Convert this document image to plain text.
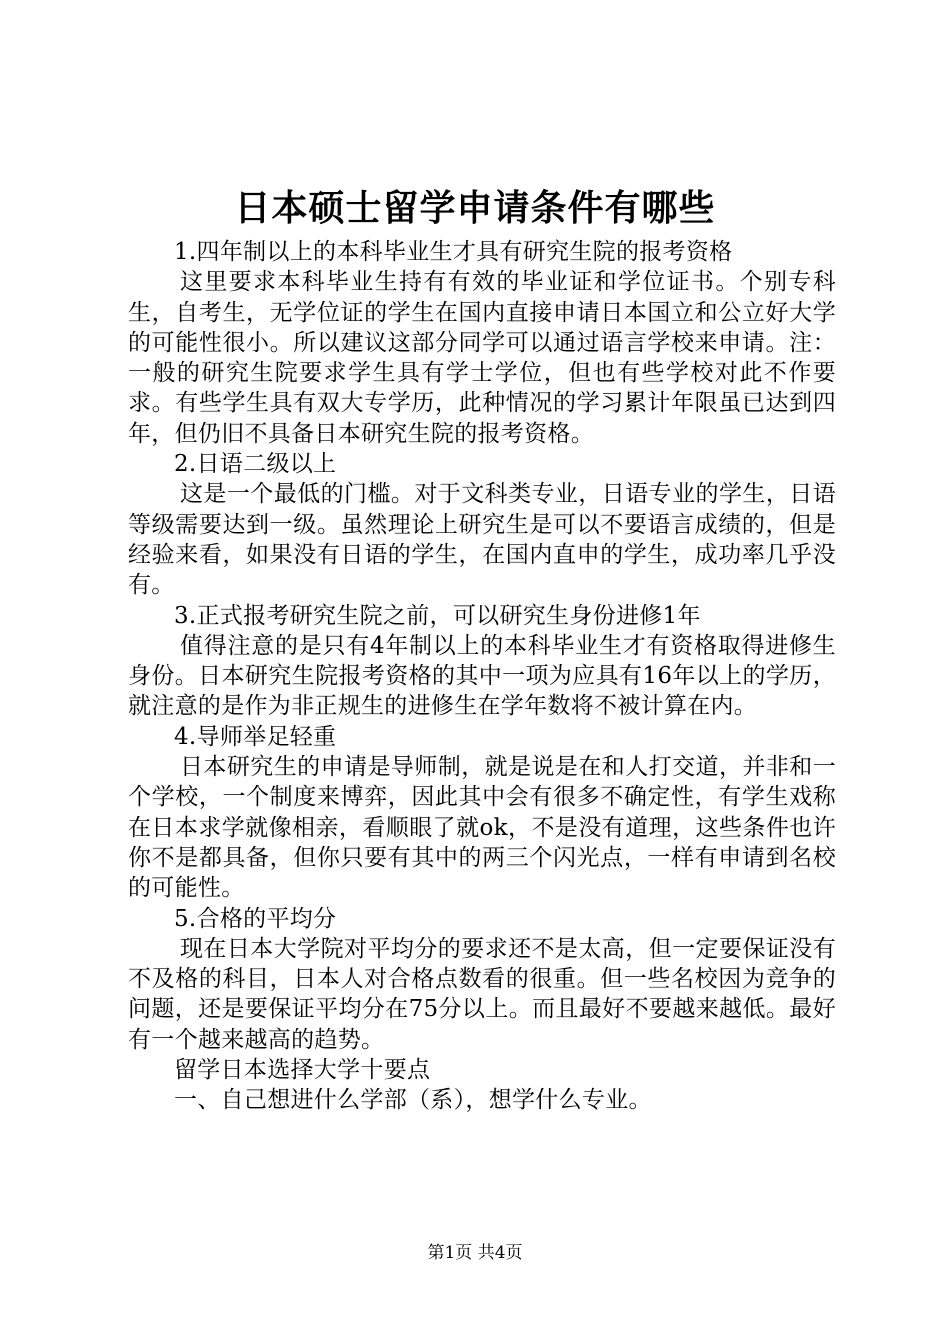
日本硕士留学申请条件有哪些

1.四年制以上的本科毕业生才具有研究生院的报考资格

这里要求本科毕业生持有有效的毕业证和学位证书。个别专科生，自考生，无学位证的学生在国内直接申请日本国立和公立好大学的可能性很小。所以建议这部分同学可以通过语言学校来申请。注：一般的研究生院要求学生具有学士学位，但也有些学校对此不作要求。有些学生具有双大专学历，此种情况的学习累计年限虽已达到四年，但仍旧不具备日本研究生院的报考资格。

2.日语二级以上

这是一个最低的门槛。对于文科类专业，日语专业的学生，日语等级需要达到一级。虽然理论上研究生是可以不要语言成绩的，但是经验来看，如果没有日语的学生，在国内直申的学生，成功率几乎没有。

3.正式报考研究生院之前，可以研究生身份进修1年

值得注意的是只有4年制以上的本科毕业生才有资格取得进修生身份。日本研究生院报考资格的其中一项为应具有16年以上的学历，就注意的是作为非正规生的进修生在学年数将不被计算在内。

4.导师举足轻重

日本研究生的申请是导师制，就是说是在和人打交道，并非和一个学校，一个制度来博弈，因此其中会有很多不确定性，有学生戏称在日本求学就像相亲，看顺眼了就ok，不是没有道理，这些条件也许你不是都具备，但你只要有其中的两三个闪光点，一样有申请到名校的可能性。

5.合格的平均分

现在日本大学院对平均分的要求还不是太高，但一定要保证没有不及格的科目，日本人对合格点数看的很重。但一些名校因为竞争的问题，还是要保证平均分在75分以上。而且最好不要越来越低。最好有一个越来越高的趋势。

留学日本选择大学十要点

一、自己想进什么学部（系），想学什么专业。

第1页 共4页
